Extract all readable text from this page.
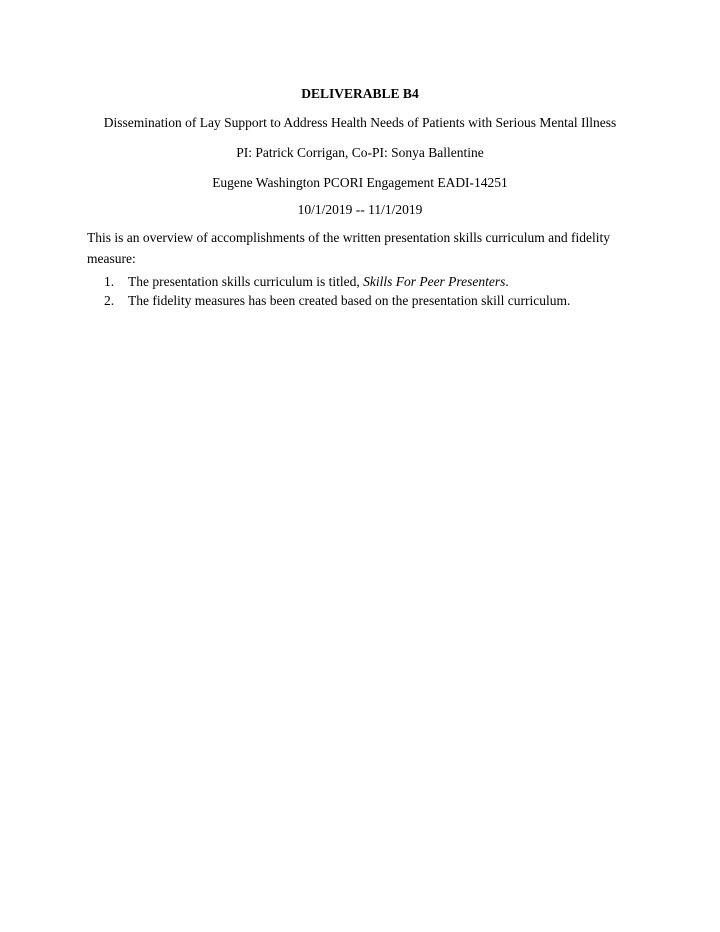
DELIVERABLE B4
Dissemination of Lay Support to Address Health Needs of Patients with Serious Mental Illness
PI: Patrick Corrigan, Co-PI: Sonya Ballentine
Eugene Washington PCORI Engagement EADI-14251
10/1/2019 -- 11/1/2019
This is an overview of accomplishments of the written presentation skills curriculum and fidelity measure:
1. The presentation skills curriculum is titled, Skills For Peer Presenters.
2. The fidelity measures has been created based on the presentation skill curriculum.
